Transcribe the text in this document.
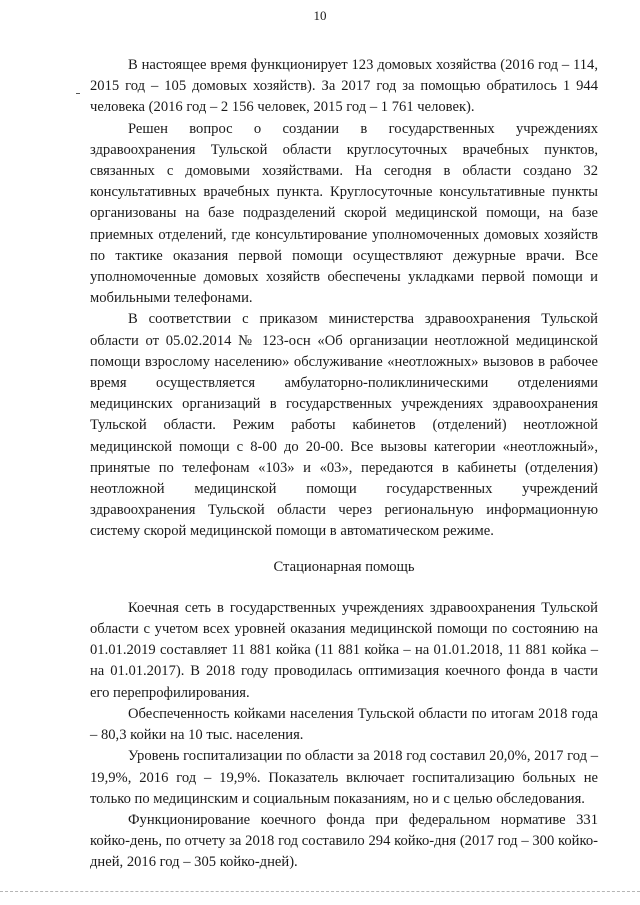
10

В настоящее время функционирует 123 домовых хозяйства (2016 год – 114, 2015 год – 105 домовых хозяйств). За 2017 год за помощью обратилось 1 944 человека (2016 год – 2 156 человек, 2015 год – 1 761 человек).

Решен вопрос о создании в государственных учреждениях здравоохранения Тульской области круглосуточных врачебных пунктов, связанных с домовыми хозяйствами. На сегодня в области создано 32 консультативных врачебных пункта. Круглосуточные консультативные пункты организованы на базе подразделений скорой медицинской помощи, на базе приемных отделений, где консультирование уполномоченных домовых хозяйств по тактике оказания первой помощи осуществляют дежурные врачи. Все уполномоченные домовых хозяйств обеспечены укладками первой помощи и мобильными телефонами.

В соответствии с приказом министерства здравоохранения Тульской области от 05.02.2014 № 123-осн «Об организации неотложной медицинской помощи взрослому населению» обслуживание «неотложных» вызовов в рабочее время осуществляется амбулаторно-поликлиническими отделениями медицинских организаций в государственных учреждениях здравоохранения Тульской области. Режим работы кабинетов (отделений) неотложной медицинской помощи с 8-00 до 20-00. Все вызовы категории «неотложный», принятые по телефонам «103» и «03», передаются в кабинеты (отделения) неотложной медицинской помощи государственных учреждений здравоохранения Тульской области через региональную информационную систему скорой медицинской помощи в автоматическом режиме.

Стационарная помощь

Коечная сеть в государственных учреждениях здравоохранения Тульской области с учетом всех уровней оказания медицинской помощи по состоянию на 01.01.2019 составляет 11 881 койка (11 881 койка – на 01.01.2018, 11 881 койка – на 01.01.2017). В 2018 году проводилась оптимизация коечного фонда в части его перепрофилирования.

Обеспеченность койками населения Тульской области по итогам 2018 года – 80,3 койки на 10 тыс. населения.

Уровень госпитализации по области за 2018 год составил 20,0%, 2017 год – 19,9%, 2016 год – 19,9%. Показатель включает госпитализацию больных не только по медицинским и социальным показаниям, но и с целью обследования.

Функционирование коечного фонда при федеральном нормативе 331 койко-день, по отчету за 2018 год составило 294 койко-дня (2017 год – 300 койко-дней, 2016 год – 305 койко-дней).
